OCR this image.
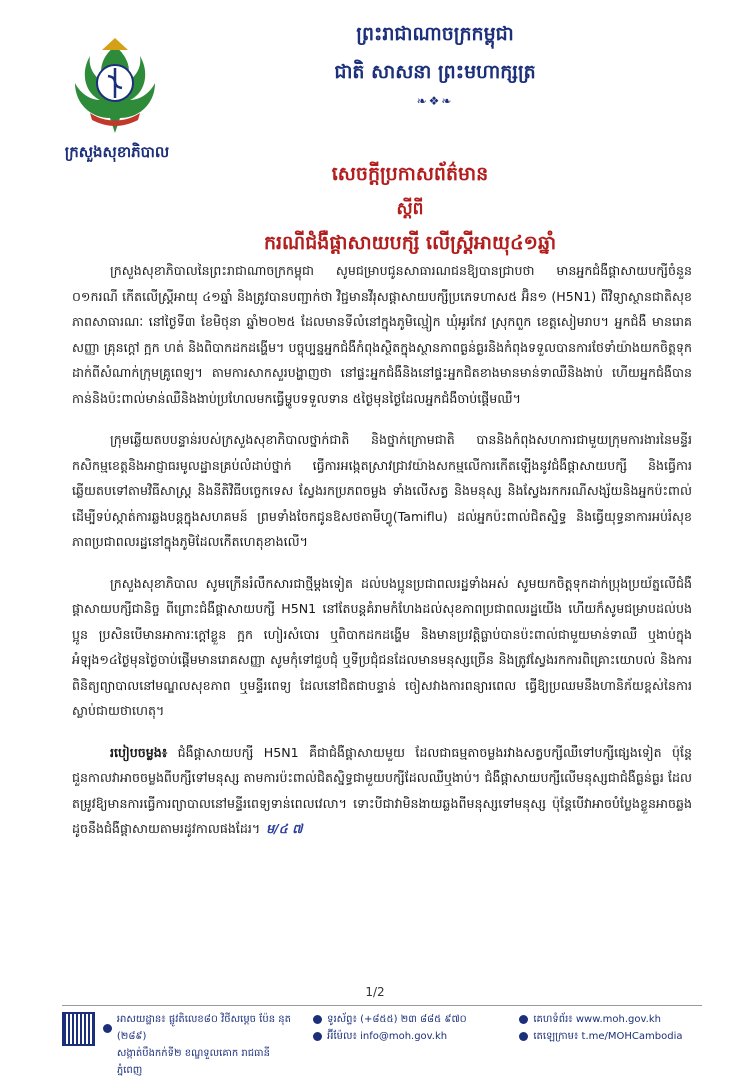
ក្រសួងសុខាភិបាល
ព្រះរាជាណាចក្រកម្ពុជា
ជាតិ សាសនា ព្រះមហាក្សត្រ
❧❖❧
សេចក្តីប្រកាសព័ត៌មាន
ស្តីពី
ករណីជំងឺផ្តាសាយបក្សី លើស្ត្រីអាយុ៤១ឆ្នាំ

ក្រសួងសុខាភិបាលនៃព្រះរាជាណាចក្រកម្ពុជា សូមជម្រាបជូនសាធារណជនឱ្យបានជ្រាបថា មានអ្នកជំងឺផ្តាសាយបក្សីចំនួន ០១ករណី កើតលើស្ត្រីអាយុ ៤១ឆ្នាំ និងត្រូវបានបញ្ជាក់ថា វិជ្ជមានវីរុសផ្តាសាយបក្សីប្រភេទហាស៥ អ៊ិន១ (H5N1) ពីវិទ្យាស្ថានជាតិសុខភាពសាធារណៈ នៅថ្ងៃទី៣ ខែមិថុនា ឆ្នាំ២០២៥ ដែលមានទីលំនៅក្នុងភូមិល្មៀក ឃុំអូរកែវ ស្រុកពួក ខេត្តសៀមរាប។ អ្នកជំងឺ មានរោគសញ្ញា គ្រុនក្តៅ ក្អក ហត់ និងពិបាកដកដង្ហើម។ បច្ចុប្បន្នអ្នកជំងឺកំពុងស្ថិតក្នុងស្ថានភាពធ្ងន់ធ្ងរនិងកំពុងទទួលបានការថែទាំយ៉ាងយកចិត្តទុកដាក់ពីសំណាក់ក្រុមគ្រូពេទ្យ។ តាមការសាកសួរបង្ហាញថា នៅផ្ទះអ្នកជំងឺនិងនៅផ្ទះអ្នកជិតខាងមានមាន់ទាឈឺនិងងាប់ ហើយអ្នកជំងឺបានកាន់និងប៉ះពាល់មាន់ឈឺនិងងាប់ប្រហែលមកធ្វើម្ហូបទទួលទាន ៥ថ្ងៃមុនថ្ងៃដែលអ្នកជំងឺចាប់ផ្តើមឈឺ។

ក្រុមឆ្លើយតបបន្ទាន់របស់ក្រសួងសុខាភិបាលថ្នាក់ជាតិ និងថ្នាក់ក្រោមជាតិ បាននិងកំពុងសហការជាមួយក្រុមការងារនៃមន្ទីរកសិកម្មខេត្តនិងអាជ្ញាធរមូលដ្ឋានគ្រប់លំដាប់ថ្នាក់ ធ្វើការអង្កេតស្រាវជ្រាវយ៉ាងសកម្មលើការកើតឡើងនូវជំងឺផ្តាសាយបក្សី និងធ្វើការឆ្លើយតបទៅតាមវិធីសាស្រ្ត និងនីតិវិធីបច្ចេកទេស ស្វែងរកប្រភពចម្លង ទាំងលើសត្វ និងមនុស្ស និងស្វែងរកករណីសង្ស័យនិងអ្នកប៉ះពាល់ ដើម្បីទប់ស្កាត់ការឆ្លងបន្តក្នុងសហគមន៍ ព្រមទាំងចែកជូនឱសថតាមីហ្វូ(Tamiflu) ដល់អ្នកប៉ះពាល់ជិតស្និទ្ធ និងធ្វើយុទ្ធនាការអប់រំសុខភាពប្រជាពលរដ្ឋនៅក្នុងភូមិដែលកើតហេតុខាងលើ។

ក្រសួងសុខាភិបាល សូមក្រើនរំលឹកសារជាថ្មីម្តងទៀត ដល់បងប្អូនប្រជាពលរដ្ឋទាំងអស់ សូមយកចិត្តទុកដាក់ប្រុងប្រយ័ត្នលើជំងឺផ្តាសាយបក្សីជានិច្ច ពីព្រោះជំងឺផ្តាសាយបក្សី H5N1 នៅតែបន្តគំរាមកំហែងដល់សុខភាពប្រជាពលរដ្ឋយើង ហើយក៏សូមជម្រាបដល់បងប្អូន ប្រសិនបើមានអាការៈក្តៅខ្លួន ក្អក ហៀរសំបោរ ឬពិបាកដកដង្ហើម និងមានប្រវត្តិធ្លាប់បានប៉ះពាល់ជាមួយមាន់ទាឈឺ ឬងាប់ក្នុងអំឡុង១៤ថ្ងៃមុនថ្ងៃចាប់ផ្តើមមានរោគសញ្ញា សូមកុំទៅជួបជុំ ឬទីប្រជុំជនដែលមានមនុស្សច្រើន និងត្រូវស្វែងរកការពិគ្រោះយោបល់ និងការពិនិត្យព្យាបាលនៅមណ្ឌលសុខភាព ឬមន្ទីរពេទ្យ ដែលនៅជិតជាបន្ទាន់ ចៀសវាងការពន្យារពេល ធ្វើឱ្យប្រឈមនឹងហានិភ័យខ្ពស់នៃការស្លាប់ជាយថាហេតុ។

របៀបចម្លង៖ ជំងឺផ្តាសាយបក្សី H5N1 គឺជាជំងឺផ្តាសាយមួយ ដែលជាធម្មតាចម្លងរវាងសត្វបក្សីឈឺទៅបក្សីផ្សេងទៀត ប៉ុន្តែជួនកាលវាអាចចម្លងពីបក្សីទៅមនុស្ស តាមការប៉ះពាល់ជិតស្និទ្ធជាមួយបក្សីដែលឈឺឬងាប់។ ជំងឺផ្តាសាយបក្សីលើមនុស្សជាជំងឺធ្ងន់ធ្ងរ ដែលតម្រូវឱ្យមានការធ្វើការព្យាបាលនៅមន្ទីរពេទ្យទាន់ពេលវេលា។ ទោះបីជាវាមិនងាយឆ្លងពីមនុស្សទៅមនុស្ស ប៉ុន្តែបើវាអាចបំប្លែងខ្លួនអាចឆ្លង ដូចនឹងជំងឺផ្តាសាយតាមរដូវកាលផងដែរ។ ម/៤ ៧

1/2
អាសយដ្ឋាន៖ ផ្លូវតិលេខ៨០ វិថីសម្តេច ប៉ែន នុត (២៨៩)
សង្កាត់បឹងកក់ទី២ ខណ្ឌទួលគោក រាជធានីភ្នំពេញ
ទូរស័ព្ទ៖ (+៨៥៥) ២៣ ៨៨៥ ៩៧០
អ៊ីម៉ែល៖ info@moh.gov.kh
គេហទំព័រ៖ www.moh.gov.kh
តេឡេក្រាម៖ t.me/MOHCambodia
